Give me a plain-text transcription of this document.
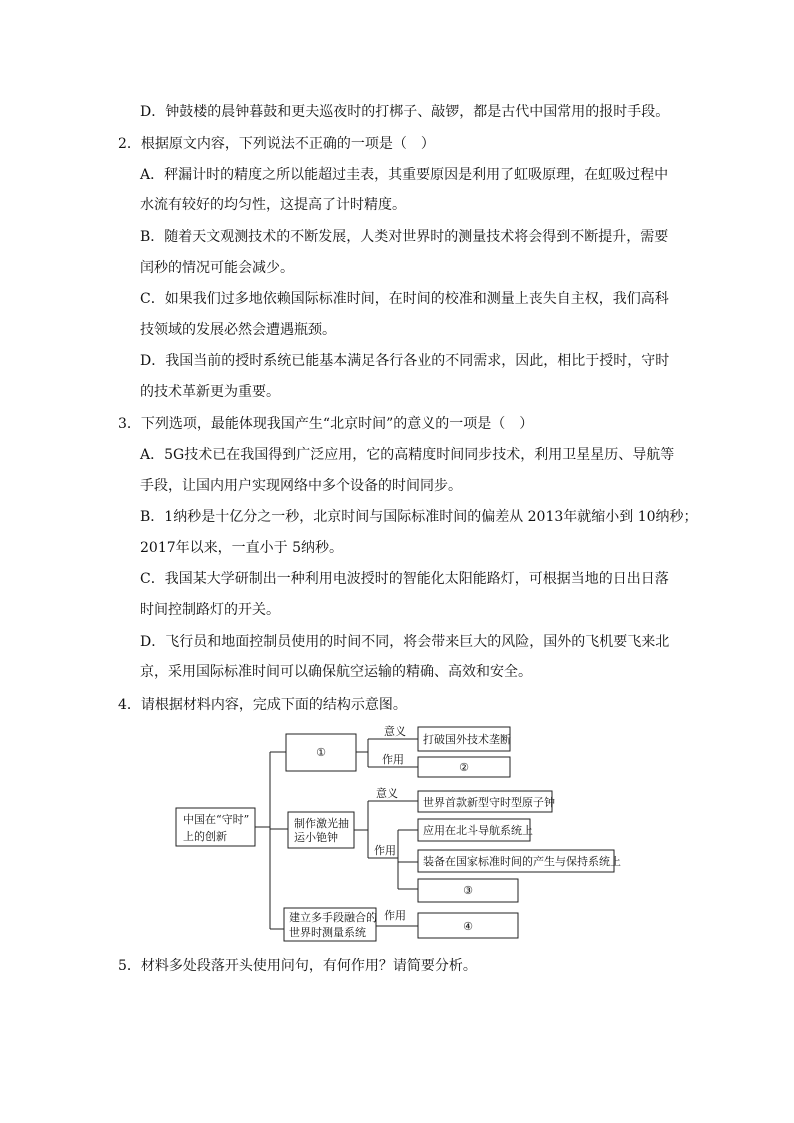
D．钟鼓楼的晨钟暮鼓和更夫巡夜时的打梆子、敲锣，都是古代中国常用的报时手段。
2．根据原文内容，下列说法不正确的一项是（　）
A．秤漏计时的精度之所以能超过圭表，其重要原因是利用了虹吸原理，在虹吸过程中
水流有较好的均匀性，这提高了计时精度。
B．随着天文观测技术的不断发展，人类对世界时的测量技术将会得到不断提升，需要
闰秒的情况可能会减少。
C．如果我们过多地依赖国际标准时间，在时间的校准和测量上丧失自主权，我们高科
技领域的发展必然会遭遇瓶颈。
D．我国当前的授时系统已能基本满足各行各业的不同需求，因此，相比于授时，守时
的技术革新更为重要。
3．下列选项，最能体现我国产生“北京时间”的意义的一项是（　）
A．5G技术已在我国得到广泛应用，它的高精度时间同步技术，利用卫星星历、导航等
手段，让国内用户实现网络中多个设备的时间同步。
B．1纳秒是十亿分之一秒，北京时间与国际标准时间的偏差从 2013年就缩小到 10纳秒；
2017年以来，一直小于 5纳秒。
C．我国某大学研制出一种利用电波授时的智能化太阳能路灯，可根据当地的日出日落
时间控制路灯的开关。
D．飞行员和地面控制员使用的时间不同，将会带来巨大的风险，国外的飞机要飞来北
京，采用国际标准时间可以确保航空运输的精确、高效和安全。
4．请根据材料内容，完成下面的结构示意图。
中国在“守时”
上的创新
①
意义
打破国外技术垄断
作用
②
制作激光抽
运小铯钟
意义
世界首款新型守时型原子钟
作用
应用在北斗导航系统上
装备在国家标准时间的产生与保持系统上
③
建立多手段融合的
世界时测量系统
作用
④
5．材料多处段落开头使用问句，有何作用？请简要分析。
